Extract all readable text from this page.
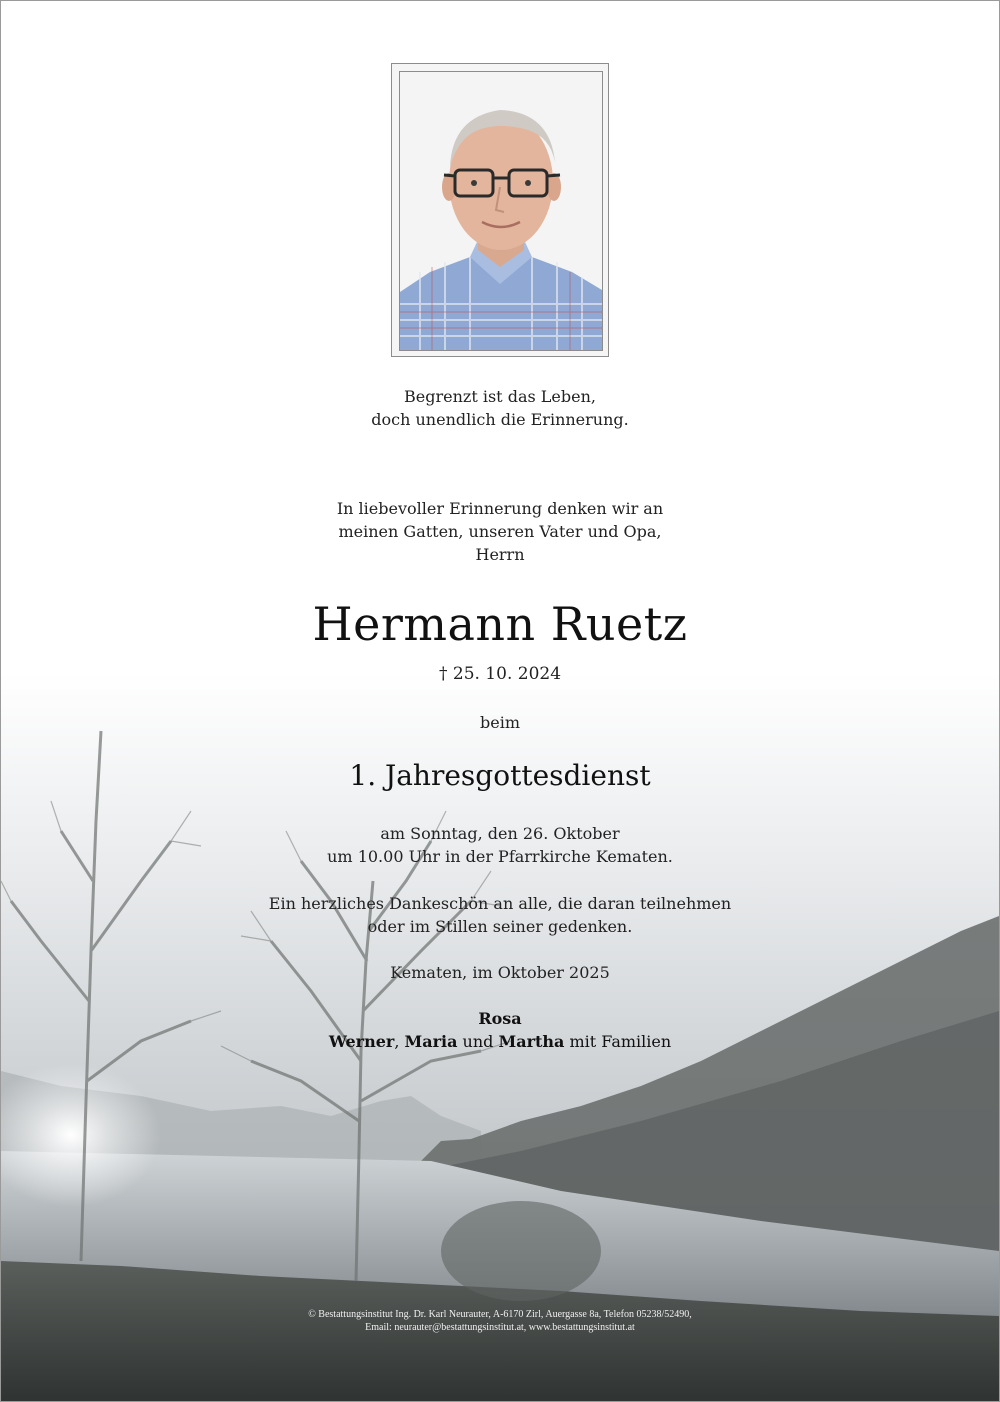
Begrenzt ist das Leben,
doch unendlich die Erinnerung.
In liebevoller Erinnerung denken wir an
meinen Gatten, unseren Vater und Opa,
Herrn
Hermann Ruetz
† 25. 10. 2024
beim
1. Jahresgottesdienst
am Sonntag, den 26. Oktober
um 10.00 Uhr in der Pfarrkirche Kematen.
Ein herzliches Dankeschön an alle, die daran teilnehmen
oder im Stillen seiner gedenken.
Kematen, im Oktober 2025
Rosa
Werner, Maria und Martha mit Familien
© Bestattungsinstitut Ing. Dr. Karl Neurauter, A-6170 Zirl, Auergasse 8a, Telefon 05238/52490,
Email: neurauter@bestattungsinstitut.at, www.bestattungsinstitut.at
